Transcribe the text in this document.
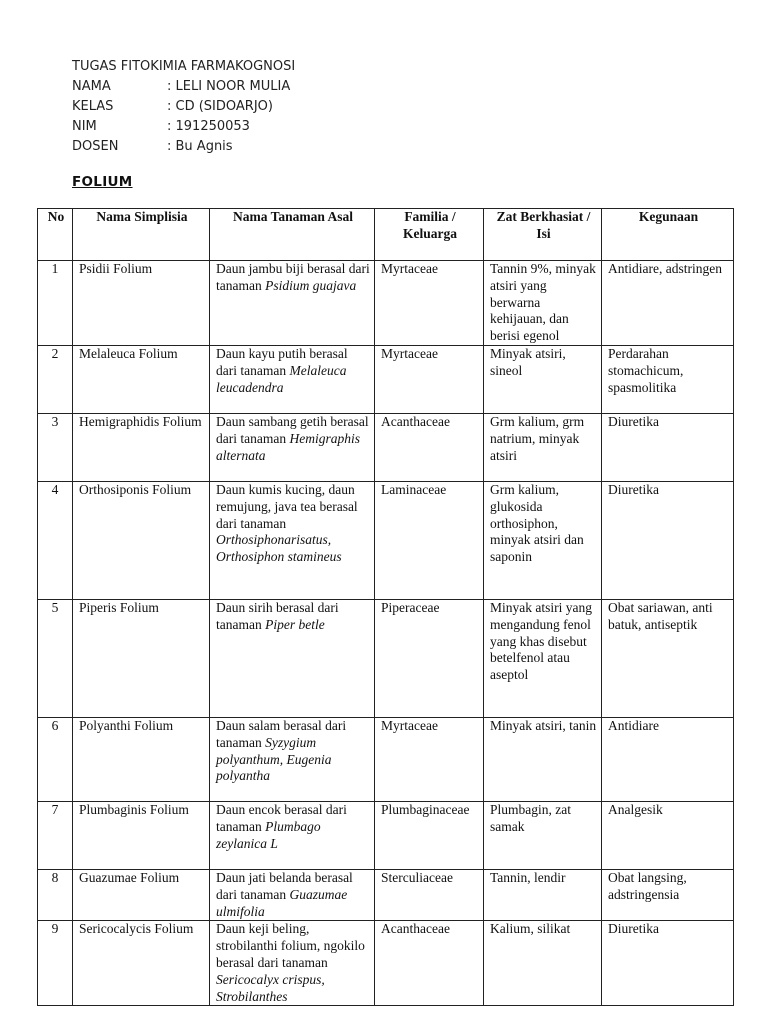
TUGAS FITOKIMIA FARMAKOGNOSI
NAMA	: LELI NOOR MULIA
KELAS	: CD (SIDOARJO)
NIM	: 191250053
DOSEN	: Bu Agnis
FOLIUM
No	Nama Simplisia	Nama Tanaman Asal	Familia / Keluarga	Zat Berkhasiat / Isi	Kegunaan
1	Psidii Folium	Daun jambu biji berasal dari tanaman Psidium guajava	Myrtaceae	Tannin 9%, minyak atsiri yang berwarna kehijauan, dan berisi egenol	Antidiare, adstringen
2	Melaleuca Folium	Daun kayu putih berasal dari tanaman Melaleuca leucadendra	Myrtaceae	Minyak atsiri, sineol	Perdarahan stomachicum, spasmolitika
3	Hemigraphidis Folium	Daun sambang getih berasal dari tanaman Hemigraphis alternata	Acanthaceae	Grm kalium, grm natrium, minyak atsiri	Diuretika
4	Orthosiponis Folium	Daun kumis kucing, daun remujung, java tea berasal dari tanaman Orthosiphonarisatus, Orthosiphon stamineus	Laminaceae	Grm kalium, glukosida orthosiphon, minyak atsiri dan saponin	Diuretika
5	Piperis Folium	Daun sirih berasal dari tanaman Piper betle	Piperaceae	Minyak atsiri yang mengandung fenol yang khas disebut betelfenol atau aseptol	Obat sariawan, anti batuk, antiseptik
6	Polyanthi Folium	Daun salam berasal dari tanaman Syzygium polyanthum, Eugenia polyantha	Myrtaceae	Minyak atsiri, tanin	Antidiare
7	Plumbaginis Folium	Daun encok berasal dari tanaman Plumbago zeylanica L	Plumbaginaceae	Plumbagin, zat samak	Analgesik
8	Guazumae Folium	Daun jati belanda berasal dari tanaman Guazumae ulmifolia	Sterculiaceae	Tannin, lendir	Obat langsing, adstringensia
9	Sericocalycis Folium	Daun keji beling, strobilanthi folium, ngokilo berasal dari tanaman Sericocalyx crispus, Strobilanthes	Acanthaceae	Kalium, silikat	Diuretika
